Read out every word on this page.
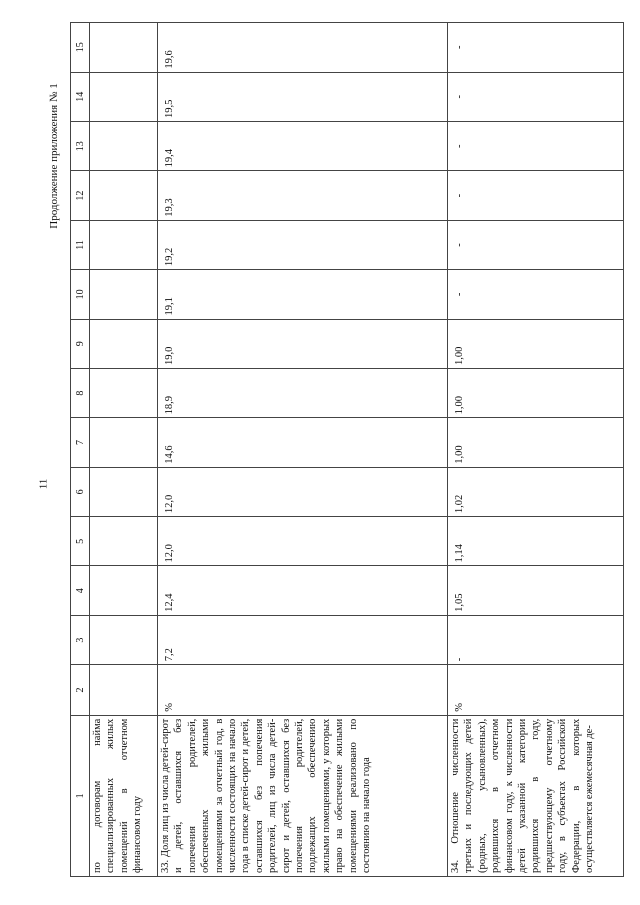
11
Продолжение приложения № 1
1	2	3	4	5	6	7	8	9	10	11	12	13	14	15
по договорам найма специализированных жилых помещений в отчетном финансовом году														
33. Доля лиц из числа детей-сирот и детей, оставшихся без попечения родителей, обеспеченных жилыми помещениями за отчетный год, в численности состоящих на начало года в списке детей-сирот и детей, оставшихся без попечения родителей, лиц из числа детей-сирот и детей, оставшихся без попечения родителей, подлежащих обеспечению жилыми помещениями, у которых право на обеспечение жилыми помещениями реализовано по состоянию на начало года	%	7,2	12,4	12,0	12,0	14,6	18,9	19,0	19,1	19,2	19,3	19,4	19,5	19,6
34. Отношение численности третьих и последующих детей (родных, усыновленных), родившихся в отчетном финансовом году, к численности детей указанной категории родившихся в году, предшествующему отчетному году, в субъектах Российской Федерации, в которых осуществляется ежемесячная де-	%	-	1,05	1,14	1,02	1,00	1,00	1,00	-	-	-	-	-	-
